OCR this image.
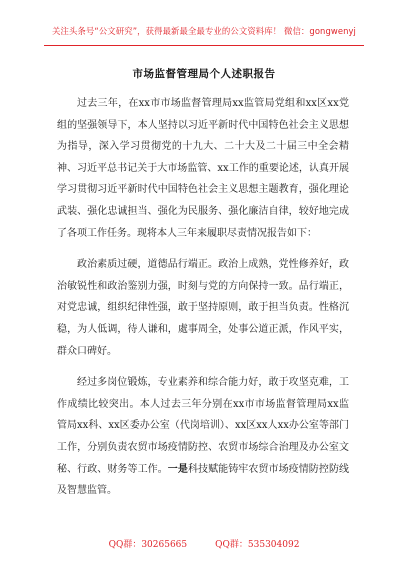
关注头条号“公文研究”，获得最新最全最专业的公文资料库！ 微信：gongwenyj
市场监督管理局个人述职报告

过去三年，在xx市市场监督管理局xx监管局党组和xx区xx党组的坚强领导下，本人坚持以习近平新时代中国特色社会主义思想为指导，深入学习贯彻党的十九大、二十大及二十届三中全会精神、习近平总书记关于大市场监管、xx工作的重要论述，认真开展学习贯彻习近平新时代中国特色社会主义思想主题教育，强化理论武装、强化忠诚担当、强化为民服务、强化廉洁自律，较好地完成了各项工作任务。现将本人三年来履职尽责情况报告如下：

政治素质过硬，道德品行端正。政治上成熟，党性修养好，政治敏锐性和政治鉴别力强，时刻与党的方向保持一致。品行端正，对党忠诚，组织纪律性强，敢于坚持原则，敢于担当负责。性格沉稳，为人低调，待人谦和，處事周全，处事公道正派，作风平实，群众口碑好。

经过多岗位锻炼，专业素养和综合能力好，敢于攻坚克难，工作成绩比较突出。本人过去三年分别在xx市市场监督管理局xx监管局xx科、xx区委办公室（代岗培训）、xx区xx人xx办公室等部门工作，分别负责农贸市场疫情防控、农贸市场综合治理及办公室文秘、行政、财务等工作。一是科技赋能铸牢农贸市场疫情防控防线及智慧监管。

QQ群：30265665	QQ群：535304092
